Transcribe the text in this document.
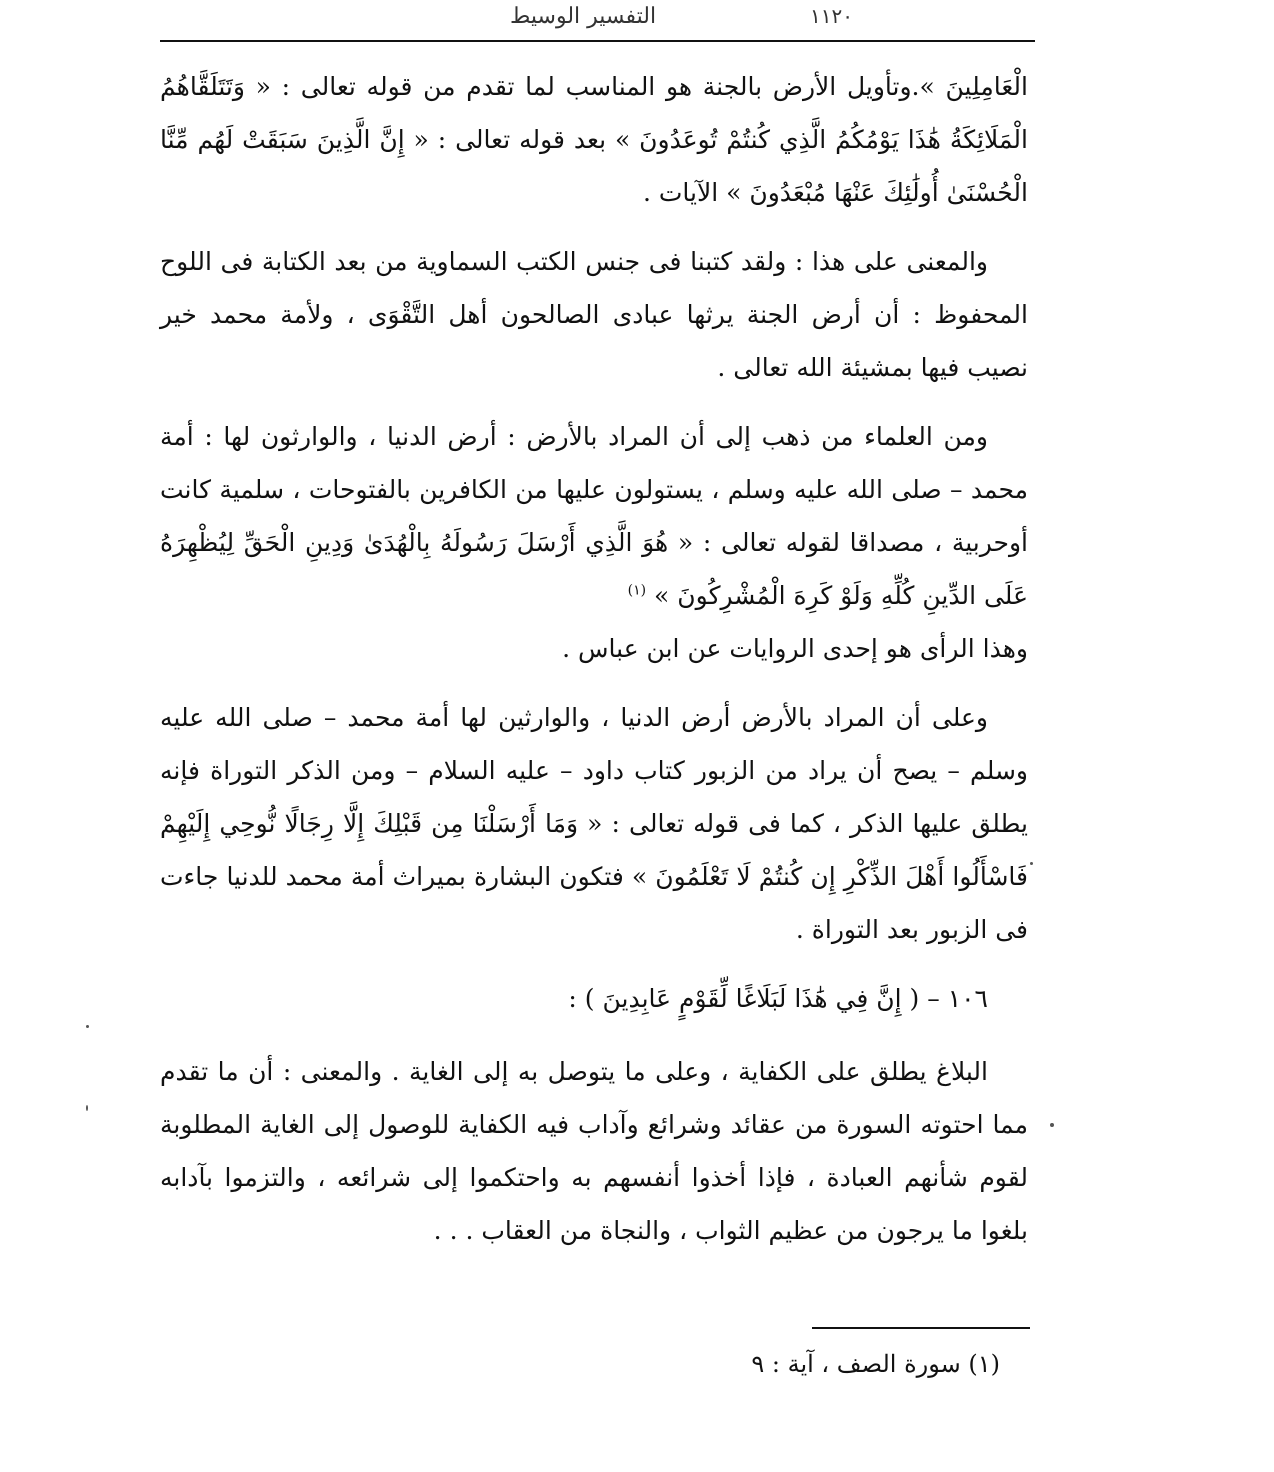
التفسير الوسيط	١١٢٠

الْعَامِلِينَ ».وتأويل الأرض بالجنة هو المناسب لما تقدم من قوله تعالى : « وَتَتَلَقَّاهُمُ الْمَلَائِكَةُ هَٰذَا يَوْمُكُمُ الَّذِي كُنتُمْ تُوعَدُونَ » بعد قوله تعالى : « إِنَّ الَّذِينَ سَبَقَتْ لَهُم مِّنَّا الْحُسْنَىٰ أُولَٰئِكَ عَنْهَا مُبْعَدُونَ » الآيات .

والمعنى على هذا : ولقد كتبنا فى جنس الكتب السماوية من بعد الكتابة فى اللوح المحفوظ : أن أرض الجنة يرثها عبادى الصالحون أهل التَّقْوَى ، ولأمة محمد خير نصيب فيها بمشيئة الله تعالى .

ومن العلماء من ذهب إلى أن المراد بالأرض : أرض الدنيا ، والوارثون لها : أمة محمد – صلى الله عليه وسلم ، يستولون عليها من الكافرين بالفتوحات ، سلمية كانت أوحربية ، مصداقا لقوله تعالى : « هُوَ الَّذِي أَرْسَلَ رَسُولَهُ بِالْهُدَىٰ وَدِينِ الْحَقِّ لِيُظْهِرَهُ عَلَى الدِّينِ كُلِّهِ وَلَوْ كَرِهَ الْمُشْرِكُونَ » $^{(١)}$
وهذا الرأى هو إحدى الروايات عن ابن عباس .

وعلى أن المراد بالأرض أرض الدنيا ، والوارثين لها أمة محمد – صلى الله عليه وسلم – يصح أن يراد من الزبور كتاب داود – عليه السلام – ومن الذكر التوراة فإنه يطلق عليها الذكر ، كما فى قوله تعالى : « وَمَا أَرْسَلْنَا مِن قَبْلِكَ إِلَّا رِجَالًا نُّوحِي إِلَيْهِمْ فَاسْأَلُوا أَهْلَ الذِّكْرِ إِن كُنتُمْ لَا تَعْلَمُونَ » فتكون البشارة بميراث أمة محمد للدنيا جاءت فى الزبور بعد التوراة .

١٠٦ – ( إِنَّ فِي هَٰذَا لَبَلَاغًا لِّقَوْمٍ عَابِدِينَ ) :

البلاغ يطلق على الكفاية ، وعلى ما يتوصل به إلى الغاية . والمعنى : أن ما تقدم مما احتوته السورة من عقائد وشرائع وآداب فيه الكفاية للوصول إلى الغاية المطلوبة لقوم شأنهم العبادة ، فإذا أخذوا أنفسهم به واحتكموا إلى شرائعه ، والتزموا بآدابه بلغوا ما يرجون من عظيم الثواب ، والنجاة من العقاب . . .

(١) سورة الصف ، آية : ٩
